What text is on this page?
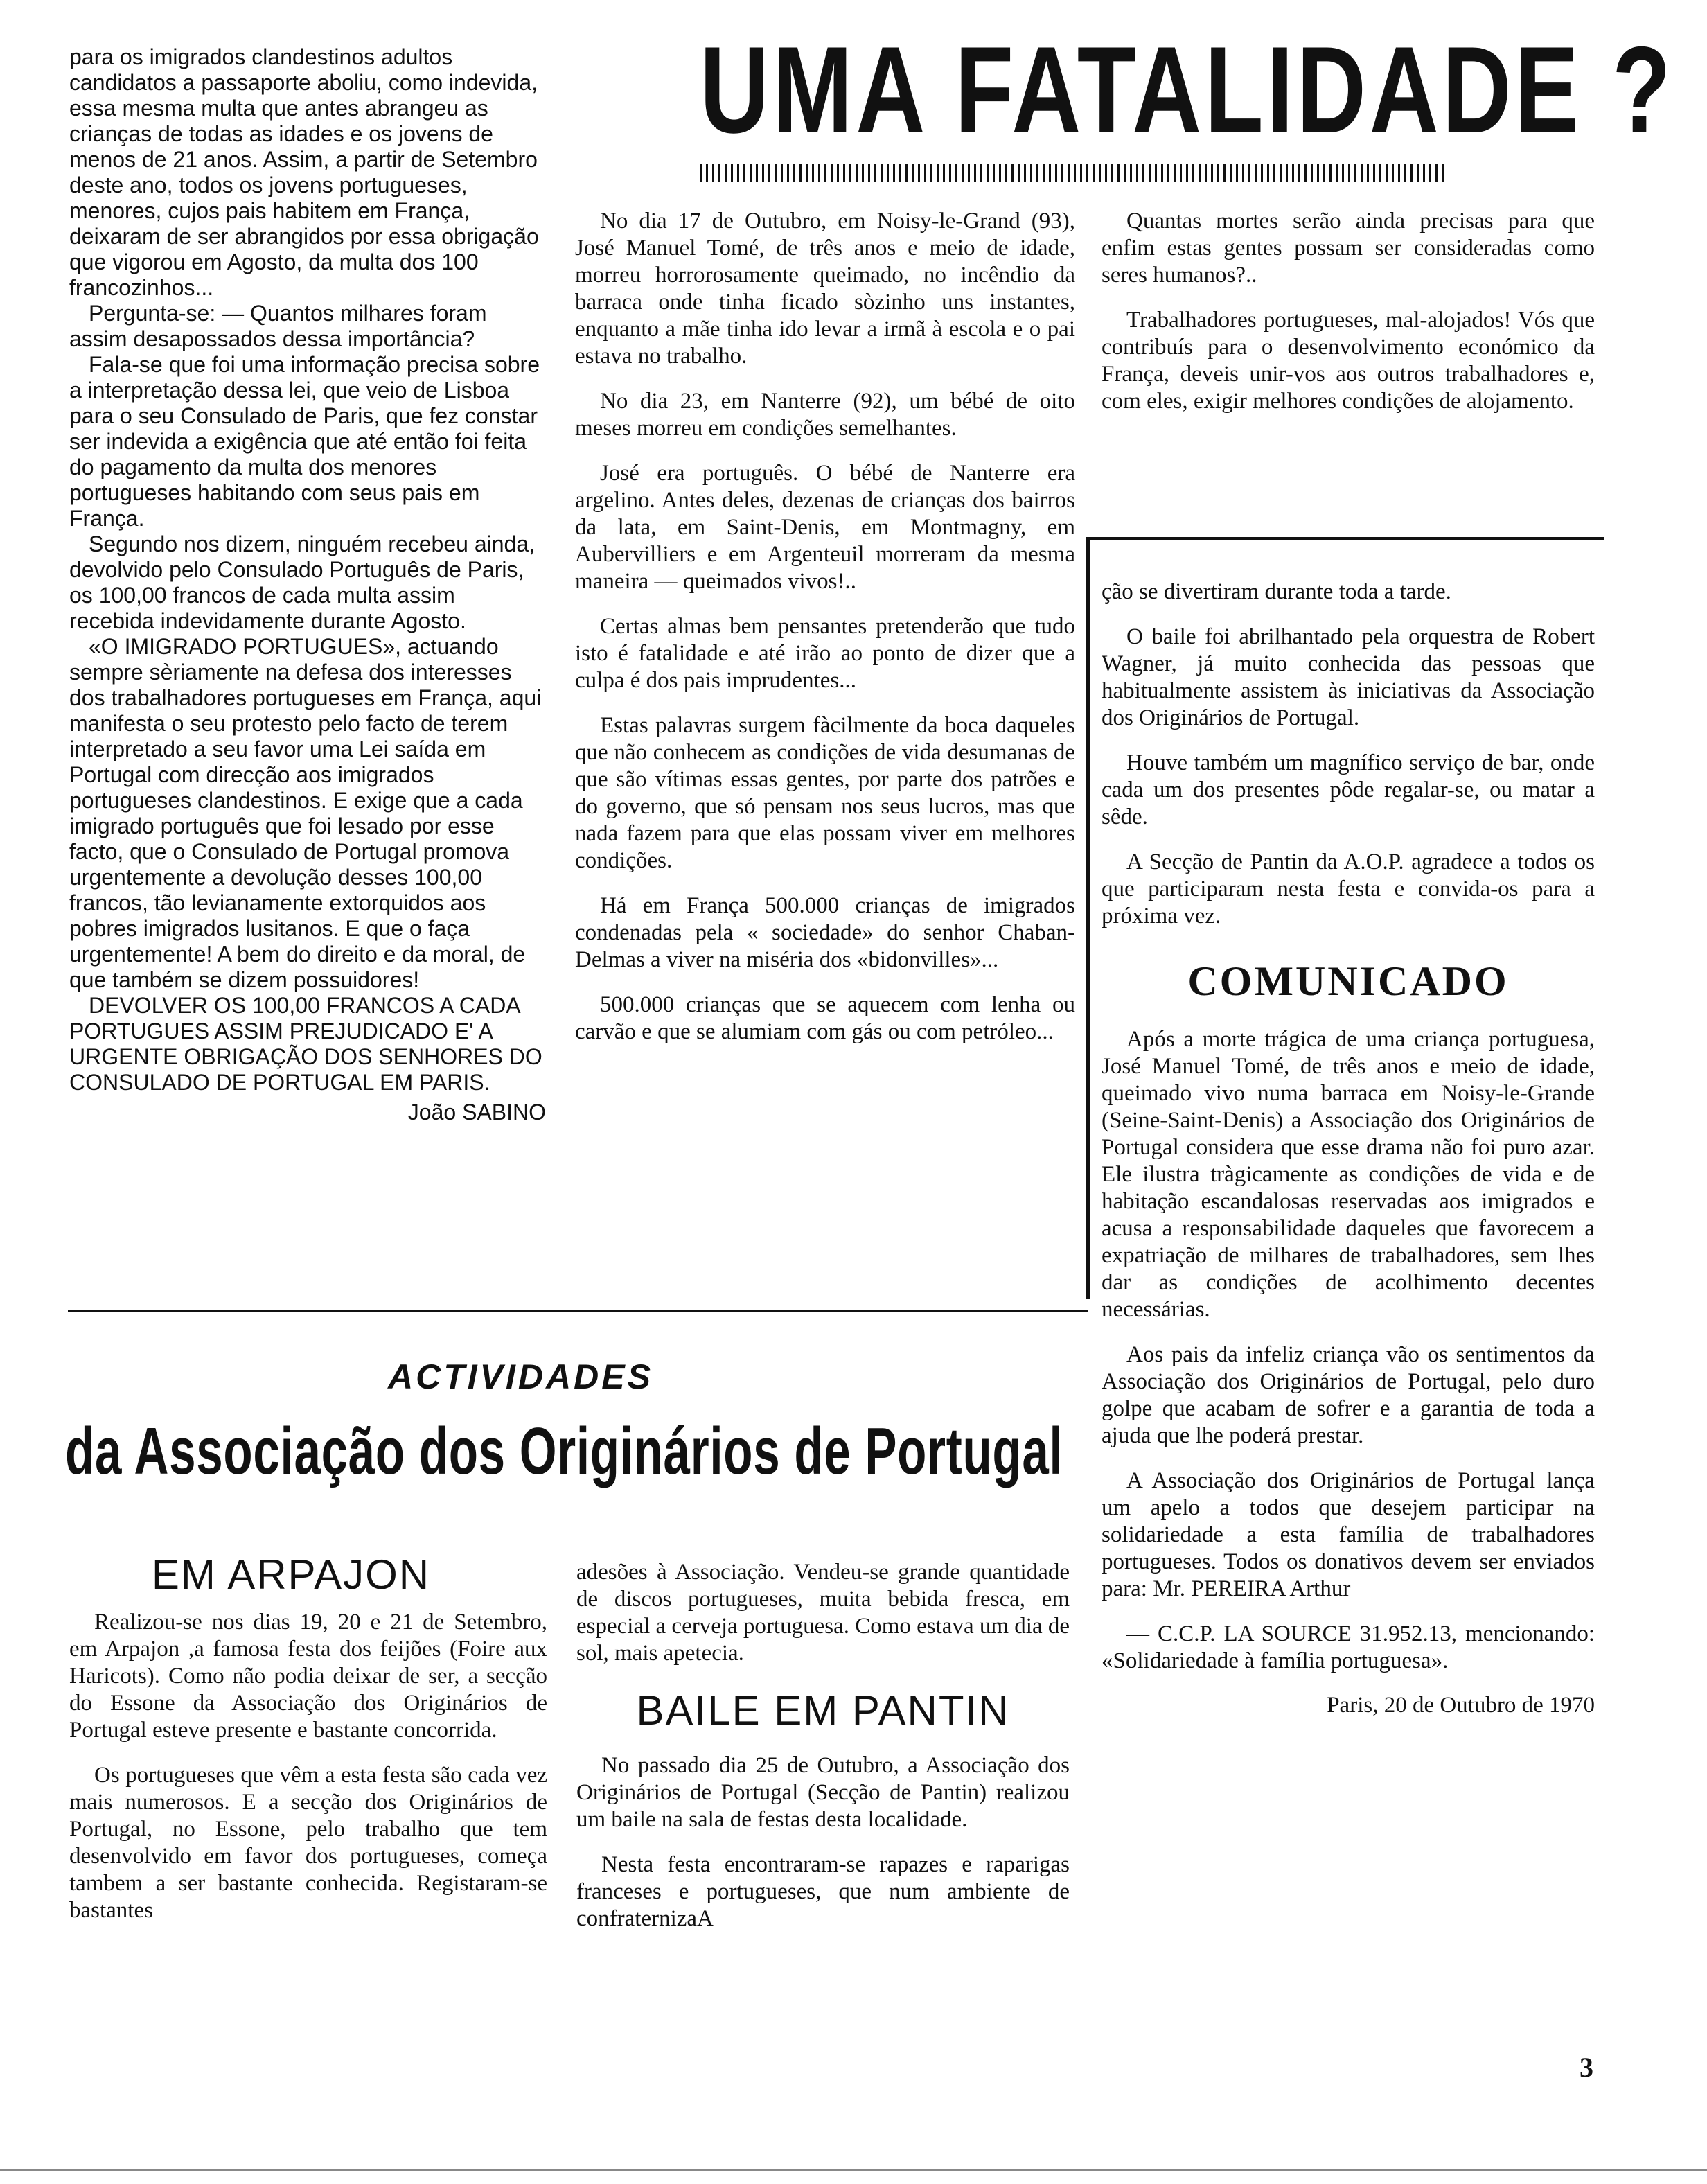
para os imigrados clandestinos adultos candidatos a passaporte aboliu, como indevida, essa mesma multa que antes abrangeu as crianças de todas as idades e os jovens de menos de 21 anos. Assim, a partir de Setembro deste ano, todos os jovens portugueses, menores, cujos pais habitem em França, deixaram de ser abrangidos por essa obrigação que vigorou em Agosto, da multa dos 100 francozinhos...

Pergunta-se: — Quantos milhares foram assim desapossados dessa importância?

Fala-se que foi uma informação precisa sobre a interpretação dessa lei, que veio de Lisboa para o seu Consulado de Paris, que fez constar ser indevida a exigência que até então foi feita do pagamento da multa dos menores portugueses habitando com seus pais em França.

Segundo nos dizem, ninguém recebeu ainda, devolvido pelo Consulado Português de Paris, os 100,00 francos de cada multa assim recebida indevidamente durante Agosto.

«O IMIGRADO PORTUGUES», actuando sempre sèriamente na defesa dos interesses dos trabalhadores portugueses em França, aqui manifesta o seu protesto pelo facto de terem interpretado a seu favor uma Lei saída em Portugal com direcção aos imigrados portugueses clandestinos. E exige que a cada imigrado português que foi lesado por esse facto, que o Consulado de Portugal promova urgentemente a devolução desses 100,00 francos, tão levianamente extorquidos aos pobres imigrados lusitanos. E que o faça urgentemente! A bem do direito e da moral, de que também se dizem possuidores!

DEVOLVER OS 100,00 FRANCOS A CADA PORTUGUES ASSIM PREJUDICADO E' A URGENTE OBRIGAÇÃO DOS SENHORES DO CONSULADO DE PORTUGAL EM PARIS.

João SABINO
UMA FATALIDADE ?

No dia 17 de Outubro, em Noisy-le-Grand (93), José Manuel Tomé, de três anos e meio de idade, morreu horrorosamente queimado, no incêndio da barraca onde tinha ficado sòzinho uns instantes, enquanto a mãe tinha ido levar a irmã à escola e o pai estava no trabalho.

No dia 23, em Nanterre (92), um bébé de oito meses morreu em condições semelhantes.

José era português. O bébé de Nanterre era argelino. Antes deles, dezenas de crianças dos bairros da lata, em Saint-Denis, em Montmagny, em Aubervilliers e em Argenteuil morreram da mesma maneira — queimados vivos!..

Certas almas bem pensantes pretenderão que tudo isto é fatalidade e até irão ao ponto de dizer que a culpa é dos pais imprudentes...

Estas palavras surgem fàcilmente da boca daqueles que não conhecem as condições de vida desumanas de que são vítimas essas gentes, por parte dos patrões e do governo, que só pensam nos seus lucros, mas que nada fazem para que elas possam viver em melhores condições.

Há em França 500.000 crianças de imigrados condenadas pela « sociedade» do senhor Chaban-Delmas a viver na miséria dos «bidonvilles»...

500.000 crianças que se aquecem com lenha ou carvão e que se alumiam com gás ou com petróleo...

Quantas mortes serão ainda precisas para que enfim estas gentes possam ser consideradas como seres humanos?..

Trabalhadores portugueses, mal-alojados! Vós que contribuís para o desenvolvimento económico da França, deveis unir-vos aos outros trabalhadores e, com eles, exigir melhores condições de alojamento.

ção se divertiram durante toda a tarde.

O baile foi abrilhantado pela orquestra de Robert Wagner, já muito conhecida das pessoas que habitualmente assistem às iniciativas da Associação dos Originários de Portugal.

Houve também um magnífico serviço de bar, onde cada um dos presentes pôde regalar-se, ou matar a sêde.

A Secção de Pantin da A.O.P. agradece a todos os que participaram nesta festa e convida-os para a próxima vez.

COMUNICADO

Após a morte trágica de uma criança portuguesa, José Manuel Tomé, de três anos e meio de idade, queimado vivo numa barraca em Noisy-le-Grande (Seine-Saint-Denis) a Associação dos Originários de Portugal considera que esse drama não foi puro azar. Ele ilustra tràgicamente as condições de vida e de habitação escandalosas reservadas aos imigrados e acusa a responsabilidade daqueles que favorecem a expatriação de milhares de trabalhadores, sem lhes dar as condições de acolhimento decentes necessárias.

Aos pais da infeliz criança vão os sentimentos da Associação dos Originários de Portugal, pelo duro golpe que acabam de sofrer e a garantia de toda a ajuda que lhe poderá prestar.

A Associação dos Originários de Portugal lança um apelo a todos que desejem participar na solidariedade a esta família de trabalhadores portugueses. Todos os donativos devem ser enviados para: Mr. PEREIRA Arthur

— C.C.P. LA SOURCE 31.952.13, mencionando: «Solidariedade à família portuguesa».

Paris, 20 de Outubro de 1970
ACTIVIDADES
da Associação dos Originários de Portugal
EM ARPAJON

Realizou-se nos dias 19, 20 e 21 de Setembro, em Arpajon ,a famosa festa dos feijões (Foire aux Haricots). Como não podia deixar de ser, a secção do Essone da Associação dos Originários de Portugal esteve presente e bastante concorrida.

Os portugueses que vêm a esta festa são cada vez mais numerosos. E a secção dos Originários de Portugal, no Essone, pelo trabalho que tem desenvolvido em favor dos portugueses, começa tambem a ser bastante conhecida. Registaram-se bastantes

adesões à Associação. Vendeu-se grande quantidade de discos portugueses, muita bebida fresca, em especial a cerveja portuguesa. Como estava um dia de sol, mais apetecia.

BAILE EM PANTIN

No passado dia 25 de Outubro, a Associação dos Originários de Portugal (Secção de Pantin) realizou um baile na sala de festas desta localidade.

Nesta festa encontraram-se rapazes e raparigas franceses e portugueses, que num ambiente de confraternizaA

3
